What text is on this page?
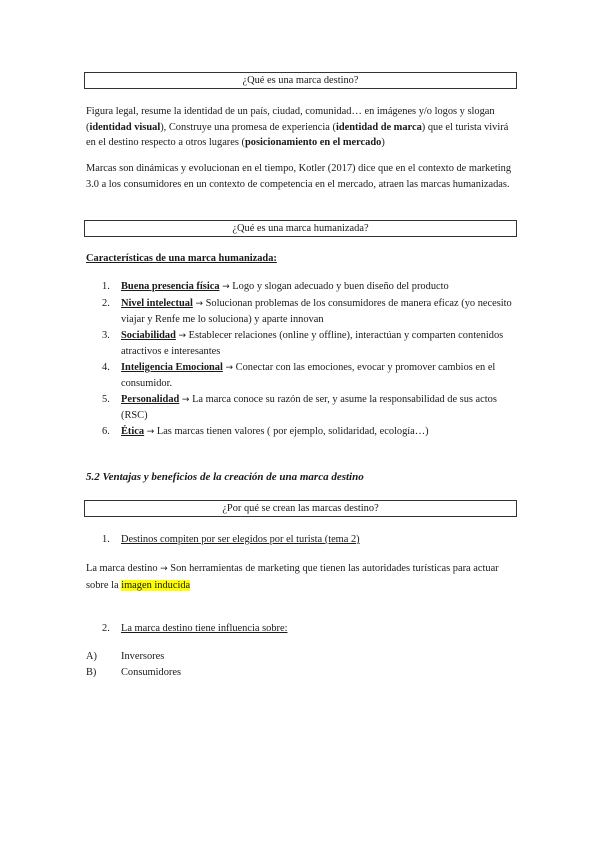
¿Qué es una marca destino?

Figura legal, resume la identidad de un país, ciudad, comunidad… en imágenes y/o logos y slogan (identidad visual), Construye una promesa de experiencia (identidad de marca) que el turista vivirá en el destino respecto a otros lugares (posicionamiento en el mercado)

Marcas son dinámicas y evolucionan en el tiempo, Kotler (2017) dice que en el contexto de marketing 3.0 a los consumidores en un contexto de competencia en el mercado, atraen las marcas humanizadas.

¿Qué es una marca humanizada?
Características de una marca humanizada:
1. Buena presencia física → Logo y slogan adecuado y buen diseño del producto
2. Nivel intelectual → Solucionan problemas de los consumidores de manera eficaz (yo necesito viajar y Renfe me lo soluciona) y aparte innovan
3. Sociabilidad → Establecer relaciones (online y offline), interactúan y comparten contenidos atractivos e interesantes
4. Inteligencia Emocional → Conectar con las emociones, evocar y promover cambios en el consumidor.
5. Personalidad → La marca conoce su razón de ser, y asume la responsabilidad de sus actos (RSC)
6. Ética → Las marcas tienen valores ( por ejemplo, solidaridad, ecología…)
5.2 Ventajas y beneficios de la creación de una marca destino
¿Por qué se crean las marcas destino?
1. Destinos compiten por ser elegidos por el turista (tema 2)

La marca destino → Son herramientas de marketing que tienen las autoridades turísticas para actuar sobre la imagen inducida

2. La marca destino tiene influencia sobre:
A) Inversores
B) Consumidores
